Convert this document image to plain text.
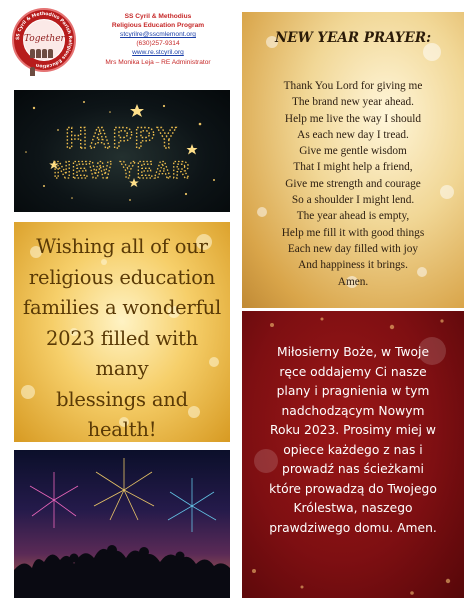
SS Cyril & Methodius Parish Religious Education
Together
SS Cyril & Methodius
Religious Education Program
stcyrilre@sscmlemont.org
(630)257-9314
www.re.stcyril.org
Mrs Monika Leja – RE Administrator
HAPPY
NEW YEAR
Wishing all of our
religious education
families a wonderful
2023 filled with many
blessings and health!
NEW YEAR PRAYER:
Thank You Lord for giving me
The brand new year ahead.
Help me live the way I should
As each new day I tread.
Give me gentle wisdom
That I might help a friend,
Give me strength and courage
So a shoulder I might lend.
The year ahead is empty,
Help me fill it with good things
Each new day filled with joy
And happiness it brings.
Amen.
Miłosierny Boże, w Twoje
ręce oddajemy Ci nasze
plany i pragnienia w tym
nadchodzącym Nowym
Roku 2023. Prosimy miej w
opiece każdego z nas i
prowadź nas ścieżkami
które prowadzą do Twojego
Królestwa, naszego
prawdziwego domu. Amen.
